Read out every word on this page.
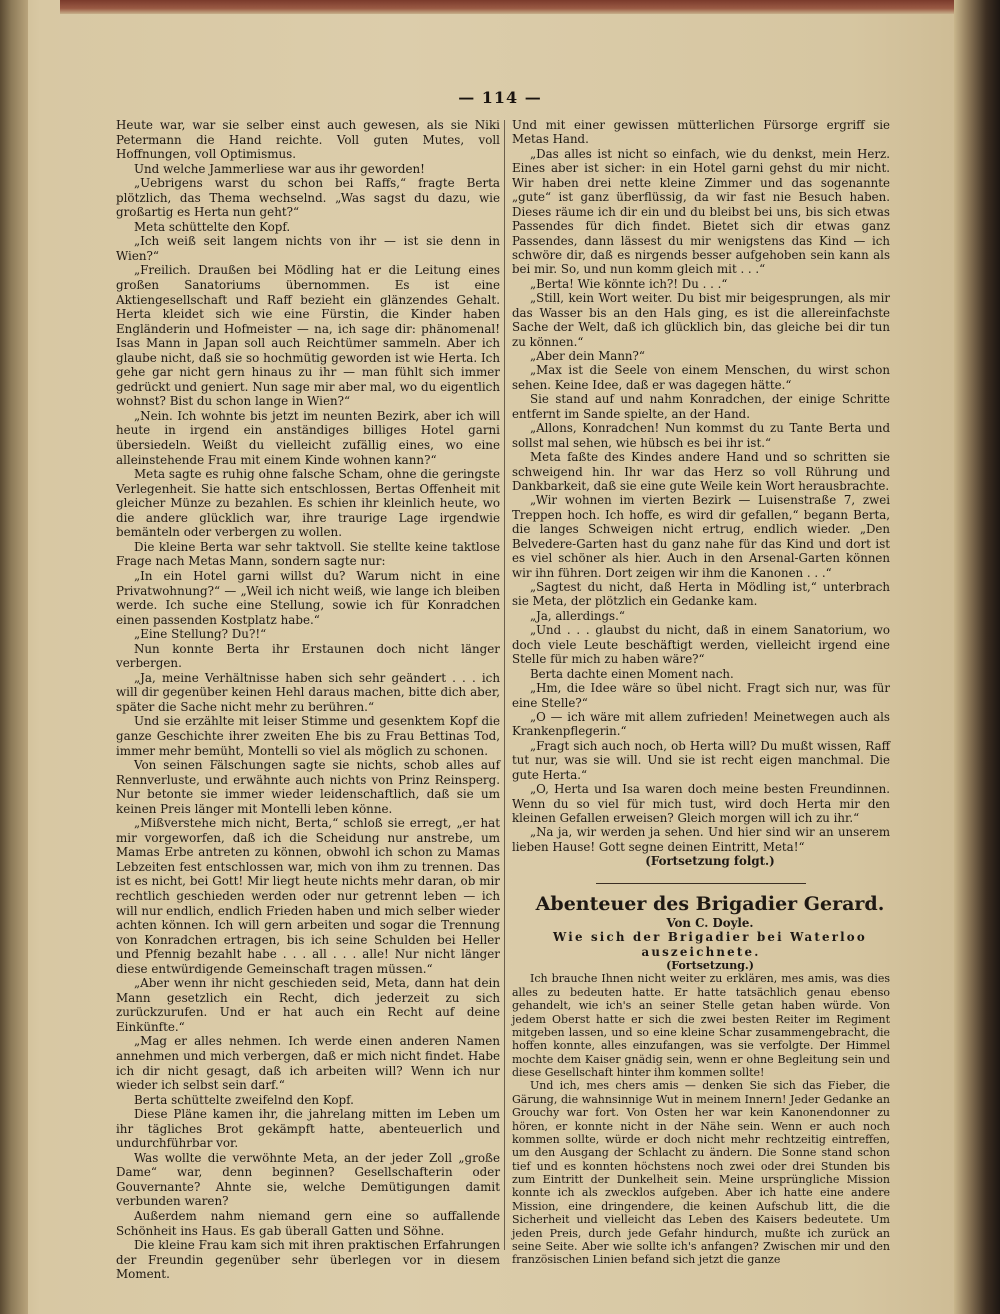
— 114 —

Heute war, war sie selber einst auch gewesen, als sie Niki Petermann die Hand reichte. Voll guten Mutes, voll Hoffnungen, voll Optimismus.

Und welche Jammerliese war aus ihr geworden!

„Uebrigens warst du schon bei Raffs,“ fragte Berta plötzlich, das Thema wechselnd. „Was sagst du dazu, wie großartig es Herta nun geht?“

Meta schüttelte den Kopf.

„Ich weiß seit langem nichts von ihr — ist sie denn in Wien?“

„Freilich. Draußen bei Mödling hat er die Leitung eines großen Sanatoriums übernommen. Es ist eine Aktiengesellschaft und Raff bezieht ein glänzendes Gehalt. Herta kleidet sich wie eine Fürstin, die Kinder haben Engländerin und Hofmeister — na, ich sage dir: phänomenal! Isas Mann in Japan soll auch Reichtümer sammeln. Aber ich glaube nicht, daß sie so hochmütig geworden ist wie Herta. Ich gehe gar nicht gern hinaus zu ihr — man fühlt sich immer gedrückt und geniert. Nun sage mir aber mal, wo du eigentlich wohnst? Bist du schon lange in Wien?“

„Nein. Ich wohnte bis jetzt im neunten Bezirk, aber ich will heute in irgend ein anständiges billiges Hotel garni übersiedeln. Weißt du vielleicht zufällig eines, wo eine alleinstehende Frau mit einem Kinde wohnen kann?“

Meta sagte es ruhig ohne falsche Scham, ohne die geringste Verlegenheit. Sie hatte sich entschlossen, Bertas Offenheit mit gleicher Münze zu bezahlen. Es schien ihr kleinlich heute, wo die andere glücklich war, ihre traurige Lage irgendwie bemänteln oder verbergen zu wollen.

Die kleine Berta war sehr taktvoll. Sie stellte keine taktlose Frage nach Metas Mann, sondern sagte nur:

„In ein Hotel garni willst du? Warum nicht in eine Privatwohnung?“ — „Weil ich nicht weiß, wie lange ich bleiben werde. Ich suche eine Stellung, sowie ich für Konradchen einen passenden Kostplatz habe.“

„Eine Stellung? Du?!“

Nun konnte Berta ihr Erstaunen doch nicht länger verbergen.

„Ja, meine Verhältnisse haben sich sehr geändert . . . ich will dir gegenüber keinen Hehl daraus machen, bitte dich aber, später die Sache nicht mehr zu berühren.“

Und sie erzählte mit leiser Stimme und gesenktem Kopf die ganze Geschichte ihrer zweiten Ehe bis zu Frau Bettinas Tod, immer mehr bemüht, Montelli so viel als möglich zu schonen.

Von seinen Fälschungen sagte sie nichts, schob alles auf Rennverluste, und erwähnte auch nichts von Prinz Reinsperg. Nur betonte sie immer wieder leidenschaftlich, daß sie um keinen Preis länger mit Montelli leben könne.

„Mißverstehe mich nicht, Berta,“ schloß sie erregt, „er hat mir vorgeworfen, daß ich die Scheidung nur anstrebe, um Mamas Erbe antreten zu können, obwohl ich schon zu Mamas Lebzeiten fest entschlossen war, mich von ihm zu trennen. Das ist es nicht, bei Gott! Mir liegt heute nichts mehr daran, ob mir rechtlich geschieden werden oder nur getrennt leben — ich will nur endlich, endlich Frieden haben und mich selber wieder achten können. Ich will gern arbeiten und sogar die Trennung von Konradchen ertragen, bis ich seine Schulden bei Heller und Pfennig bezahlt habe . . . all . . . alle! Nur nicht länger diese entwürdigende Gemeinschaft tragen müssen.“

„Aber wenn ihr nicht geschieden seid, Meta, dann hat dein Mann gesetzlich ein Recht, dich jederzeit zu sich zurückzurufen. Und er hat auch ein Recht auf deine Einkünfte.“

„Mag er alles nehmen. Ich werde einen anderen Namen annehmen und mich verbergen, daß er mich nicht findet. Habe ich dir nicht gesagt, daß ich arbeiten will? Wenn ich nur wieder ich selbst sein darf.“

Berta schüttelte zweifelnd den Kopf.

Diese Pläne kamen ihr, die jahrelang mitten im Leben um ihr tägliches Brot gekämpft hatte, abenteuerlich und undurchführbar vor.

Was wollte die verwöhnte Meta, an der jeder Zoll „große Dame“ war, denn beginnen? Gesellschafterin oder Gouvernante? Ahnte sie, welche Demütigungen damit verbunden waren?

Außerdem nahm niemand gern eine so auffallende Schönheit ins Haus. Es gab überall Gatten und Söhne.

Die kleine Frau kam sich mit ihren praktischen Erfahrungen der Freundin gegenüber sehr überlegen vor in diesem Moment.

Und mit einer gewissen mütterlichen Fürsorge ergriff sie Metas Hand.

„Das alles ist nicht so einfach, wie du denkst, mein Herz. Eines aber ist sicher: in ein Hotel garni gehst du mir nicht. Wir haben drei nette kleine Zimmer und das sogenannte „gute“ ist ganz überflüssig, da wir fast nie Besuch haben. Dieses räume ich dir ein und du bleibst bei uns, bis sich etwas Passendes für dich findet. Bietet sich dir etwas ganz Passendes, dann lässest du mir wenigstens das Kind — ich schwöre dir, daß es nirgends besser aufgehoben sein kann als bei mir. So, und nun komm gleich mit . . .“

„Berta! Wie könnte ich?! Du . . .“

„Still, kein Wort weiter. Du bist mir beigesprungen, als mir das Wasser bis an den Hals ging, es ist die allereinfachste Sache der Welt, daß ich glücklich bin, das gleiche bei dir tun zu können.“

„Aber dein Mann?“

„Max ist die Seele von einem Menschen, du wirst schon sehen. Keine Idee, daß er was dagegen hätte.“

Sie stand auf und nahm Konradchen, der einige Schritte entfernt im Sande spielte, an der Hand.

„Allons, Konradchen! Nun kommst du zu Tante Berta und sollst mal sehen, wie hübsch es bei ihr ist.“

Meta faßte des Kindes andere Hand und so schritten sie schweigend hin. Ihr war das Herz so voll Rührung und Dankbarkeit, daß sie eine gute Weile kein Wort herausbrachte.

„Wir wohnen im vierten Bezirk — Luisenstraße 7, zwei Treppen hoch. Ich hoffe, es wird dir gefallen,“ begann Berta, die langes Schweigen nicht ertrug, endlich wieder. „Den Belvedere-Garten hast du ganz nahe für das Kind und dort ist es viel schöner als hier. Auch in den Arsenal-Garten können wir ihn führen. Dort zeigen wir ihm die Kanonen . . .“

„Sagtest du nicht, daß Herta in Mödling ist,“ unterbrach sie Meta, der plötzlich ein Gedanke kam.

„Ja, allerdings.“

„Und . . . glaubst du nicht, daß in einem Sanatorium, wo doch viele Leute beschäftigt werden, vielleicht irgend eine Stelle für mich zu haben wäre?“

Berta dachte einen Moment nach.

„Hm, die Idee wäre so übel nicht. Fragt sich nur, was für eine Stelle?“

„O — ich wäre mit allem zufrieden! Meinetwegen auch als Krankenpflegerin.“

„Fragt sich auch noch, ob Herta will? Du mußt wissen, Raff tut nur, was sie will. Und sie ist recht eigen manchmal. Die gute Herta.“

„O, Herta und Isa waren doch meine besten Freundinnen. Wenn du so viel für mich tust, wird doch Herta mir den kleinen Gefallen erweisen? Gleich morgen will ich zu ihr.“

„Na ja, wir werden ja sehen. Und hier sind wir an unserem lieben Hause! Gott segne deinen Eintritt, Meta!“

(Fortsetzung folgt.)

Abenteuer des Brigadier Gerard.

Von C. Doyle.

Wie sich der Brigadier bei Waterloo auszeichnete.

(Fortsetzung.)

Ich brauche Ihnen nicht weiter zu erklären, mes amis, was dies alles zu bedeuten hatte. Er hatte tatsächlich genau ebenso gehandelt, wie ich's an seiner Stelle getan haben würde. Von jedem Oberst hatte er sich die zwei besten Reiter im Regiment mitgeben lassen, und so eine kleine Schar zusammengebracht, die hoffen konnte, alles einzufangen, was sie verfolgte. Der Himmel mochte dem Kaiser gnädig sein, wenn er ohne Begleitung sein und diese Gesellschaft hinter ihm kommen sollte!

Und ich, mes chers amis — denken Sie sich das Fieber, die Gärung, die wahnsinnige Wut in meinem Innern! Jeder Gedanke an Grouchy war fort. Von Osten her war kein Kanonendonner zu hören, er konnte nicht in der Nähe sein. Wenn er auch noch kommen sollte, würde er doch nicht mehr rechtzeitig eintreffen, um den Ausgang der Schlacht zu ändern. Die Sonne stand schon tief und es konnten höchstens noch zwei oder drei Stunden bis zum Eintritt der Dunkelheit sein. Meine ursprüngliche Mission konnte ich als zwecklos aufgeben. Aber ich hatte eine andere Mission, eine dringendere, die keinen Aufschub litt, die die Sicherheit und vielleicht das Leben des Kaisers bedeutete. Um jeden Preis, durch jede Gefahr hindurch, mußte ich zurück an seine Seite. Aber wie sollte ich's anfangen? Zwischen mir und den französischen Linien befand sich jetzt die ganze
